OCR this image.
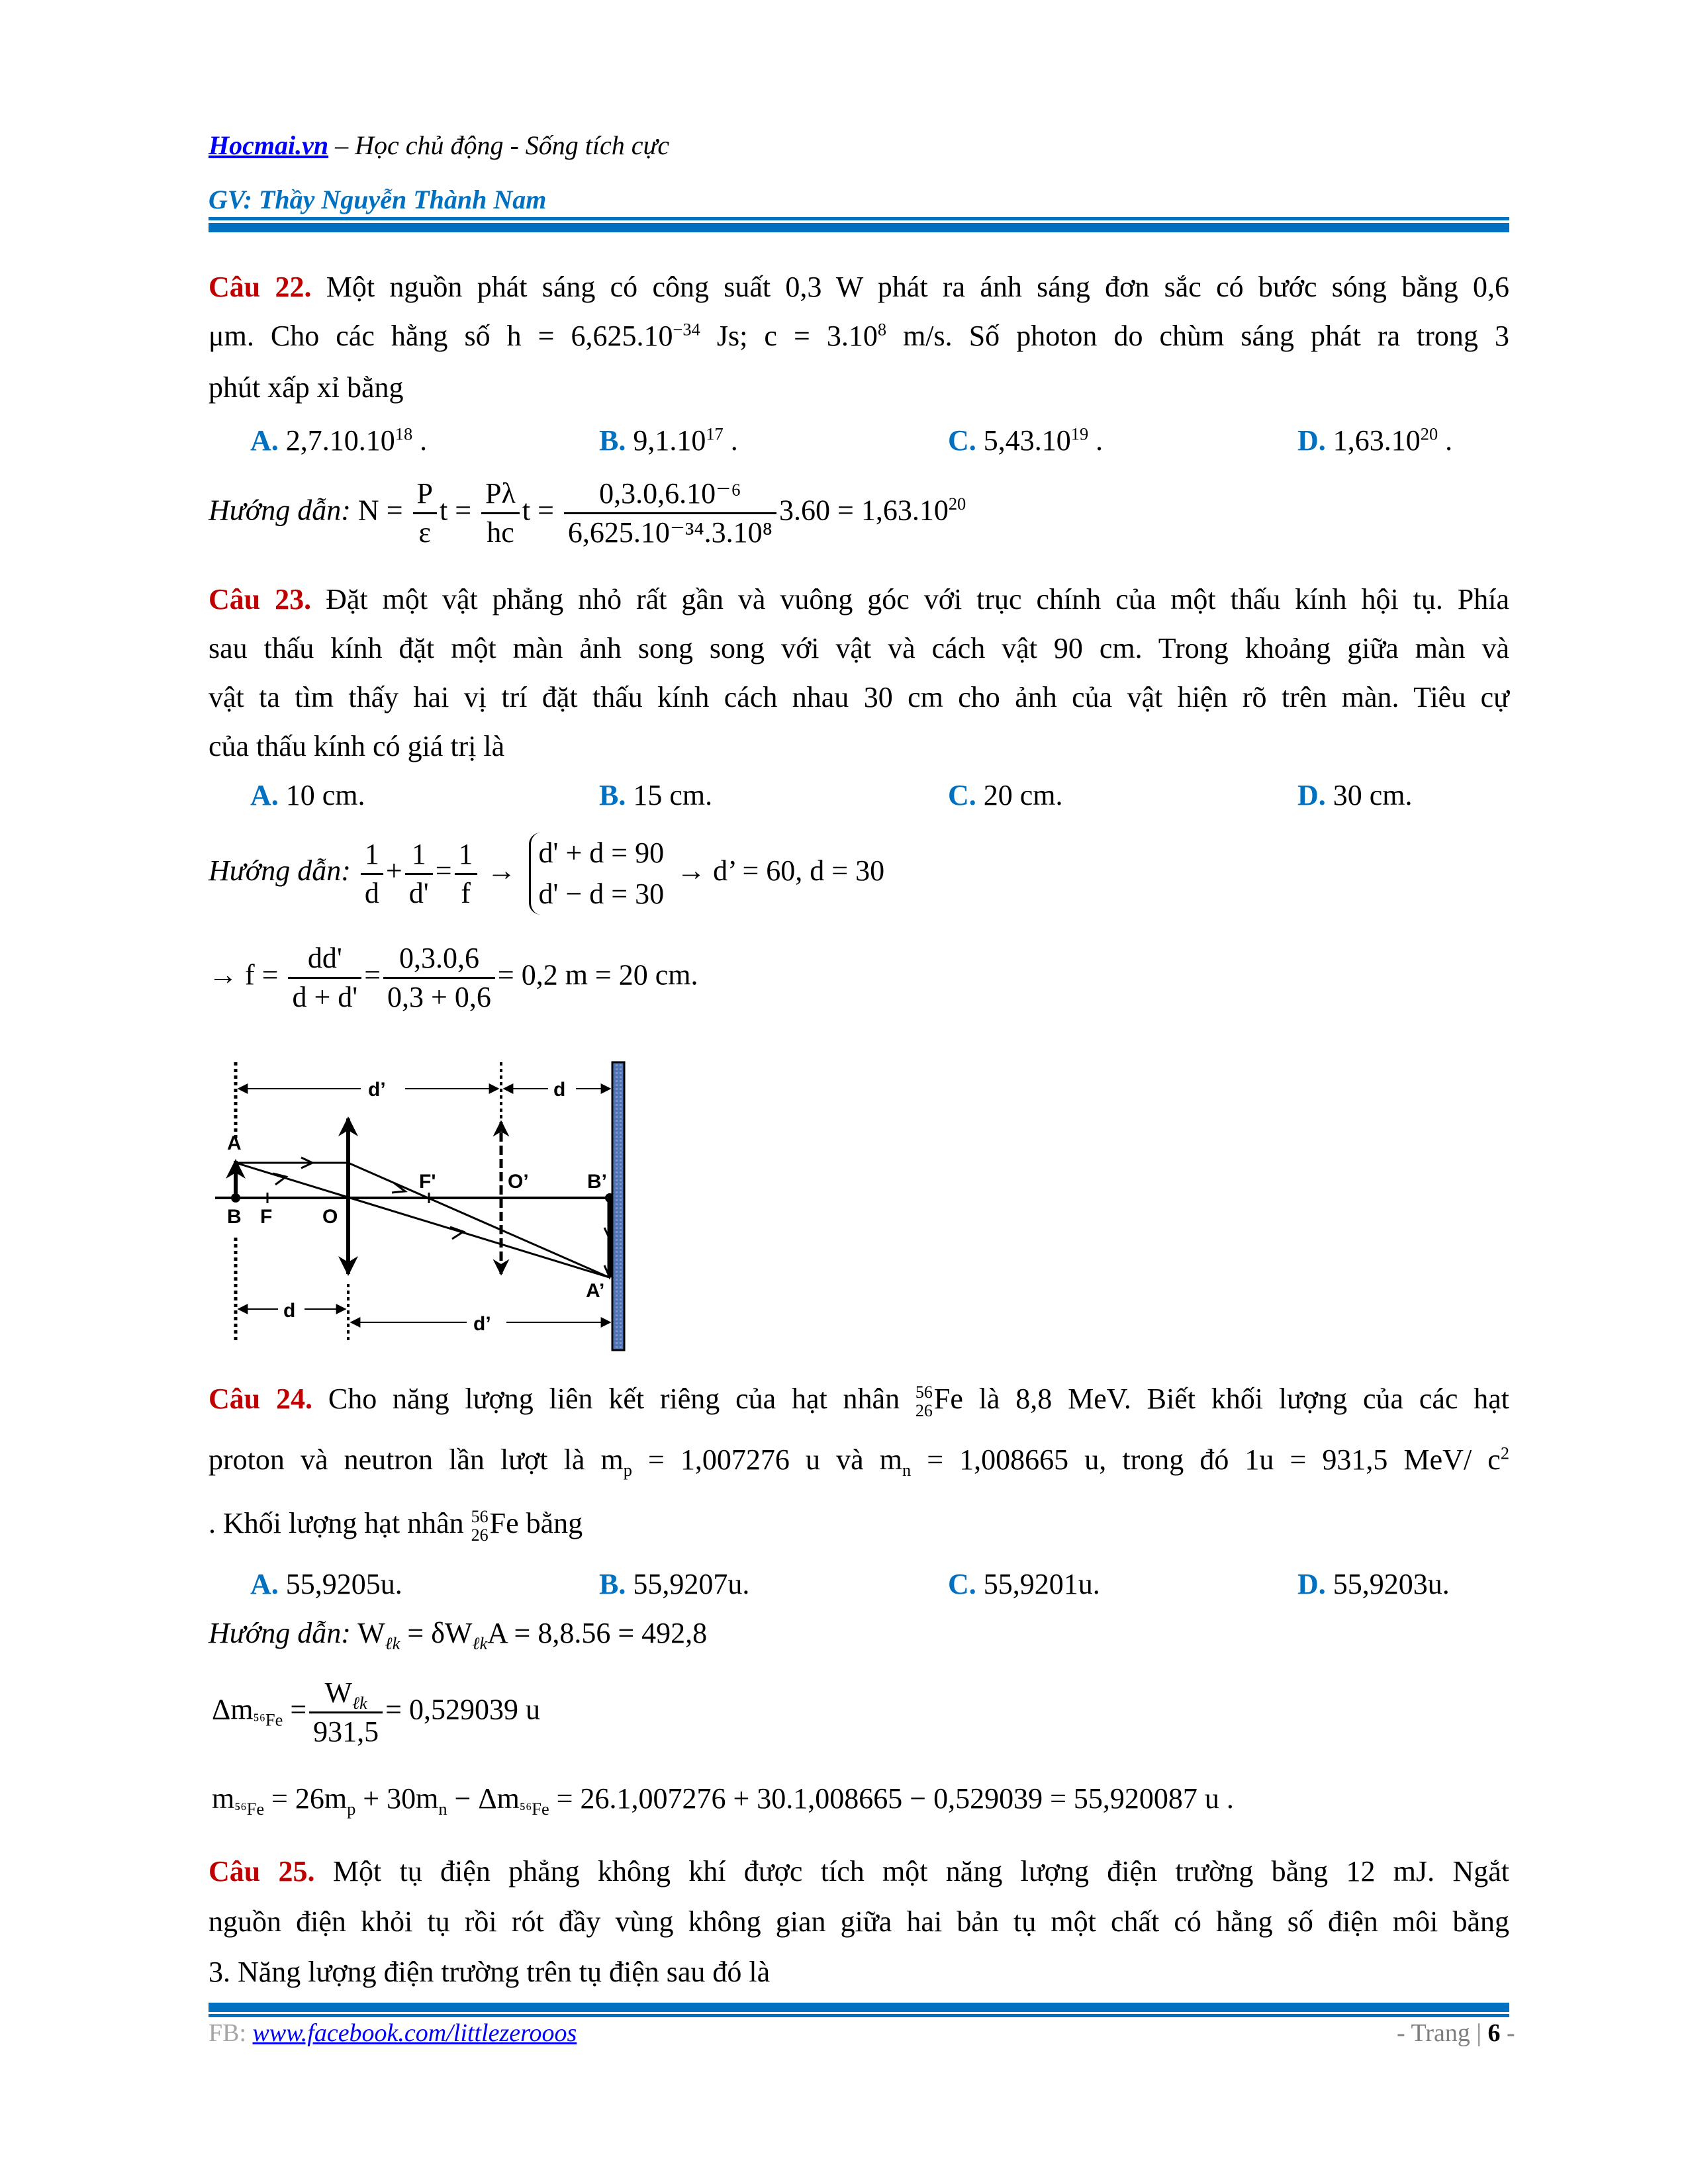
Hocmai.vn – Học chủ động - Sống tích cực
GV: Thầy Nguyễn Thành Nam
Câu 22. Một nguồn phát sáng có công suất 0,3 W phát ra ánh sáng đơn sắc có bước sóng bằng 0,6
μm. Cho các hằng số $h = 6,625.10^{-34}$ Js; $c = 3.10^8$ m/s. Số photon do chùm sáng phát ra trong 3
phút xấp xỉ bằng
A. 2,7.10.10$^{18}$ .	B. 9,1.10$^{17}$ .	C. 5,43.10$^{19}$ .	D. 1,63.10$^{20}$ .
Hướng dẫn: $N = \frac{P}{\varepsilon}$ $t = \frac{P\lambda}{hc}$ $t = \frac{\text{0,3.0,6.10⁻⁶}}{\text{6,625.10⁻³⁴.3.10⁸}} 3.60 = 1,63.10^{20}$
Câu 23. Đặt một vật phẳng nhỏ rất gần và vuông góc với trục chính của một thấu kính hội tụ. Phía
sau thấu kính đặt một màn ảnh song song với vật và cách vật 90 cm. Trong khoảng giữa màn và
vật ta tìm thấy hai vị trí đặt thấu kính cách nhau 30 cm cho ảnh của vật hiện rõ trên màn. Tiêu cự
của thấu kính có giá trị là
A. 10 cm.	B. 15 cm.	C. 20 cm.	D. 30 cm.
Hướng dẫn: $\frac{1}{d} + \frac{1}{d'} = \frac{1}{f}$ →
d' + d = 90
d' − d = 30
→ d’ = 60, d = 30
→ $f = \frac{dd'}{d + d'} = \frac{0,3.0,6}{0,3 + 0,6} = 0,2$ m = 20 cm.
A
B F	O
F'	O’	B’
A’
d’	d
d
d’
Câu 24. Cho năng lượng liên kết riêng của hạt nhân 56
26 Fe là 8,8 MeV. Biết khối lượng của các hạt
proton và neutron lần lượt là $m_p = 1,007276$ u và $m_n = 1,008665$ u, trong đó 1u = 931,5 MeV/ $c^2$
. Khối lượng hạt nhân 56
26 Fe bằng
A. 55,9205u.	B. 55,9207u.	C. 55,9201u.	D. 55,9203u.
Hướng dẫn: $W_{\ell k} = \delta W_{\ell k}A = 8,8.56 = 492,8$
$\Delta m_{^{56}Fe} = \frac{W_{\ell k}}{931,5} = 0,529039$ u
$m_{^{56}Fe} = 26m_p + 30m_n - \Delta m_{^{56}Fe} = 26.1,007276 + 30.1,008665 - 0,529039 = 55,920087$ u .
Câu 25. Một tụ điện phẳng không khí được tích một năng lượng điện trường bằng 12 mJ. Ngắt
nguồn điện khỏi tụ rồi rót đầy vùng không gian giữa hai bản tụ một chất có hằng số điện môi bằng
3. Năng lượng điện trường trên tụ điện sau đó là
FB: www.facebook.com/littlezerooos	- Trang | 6 -
